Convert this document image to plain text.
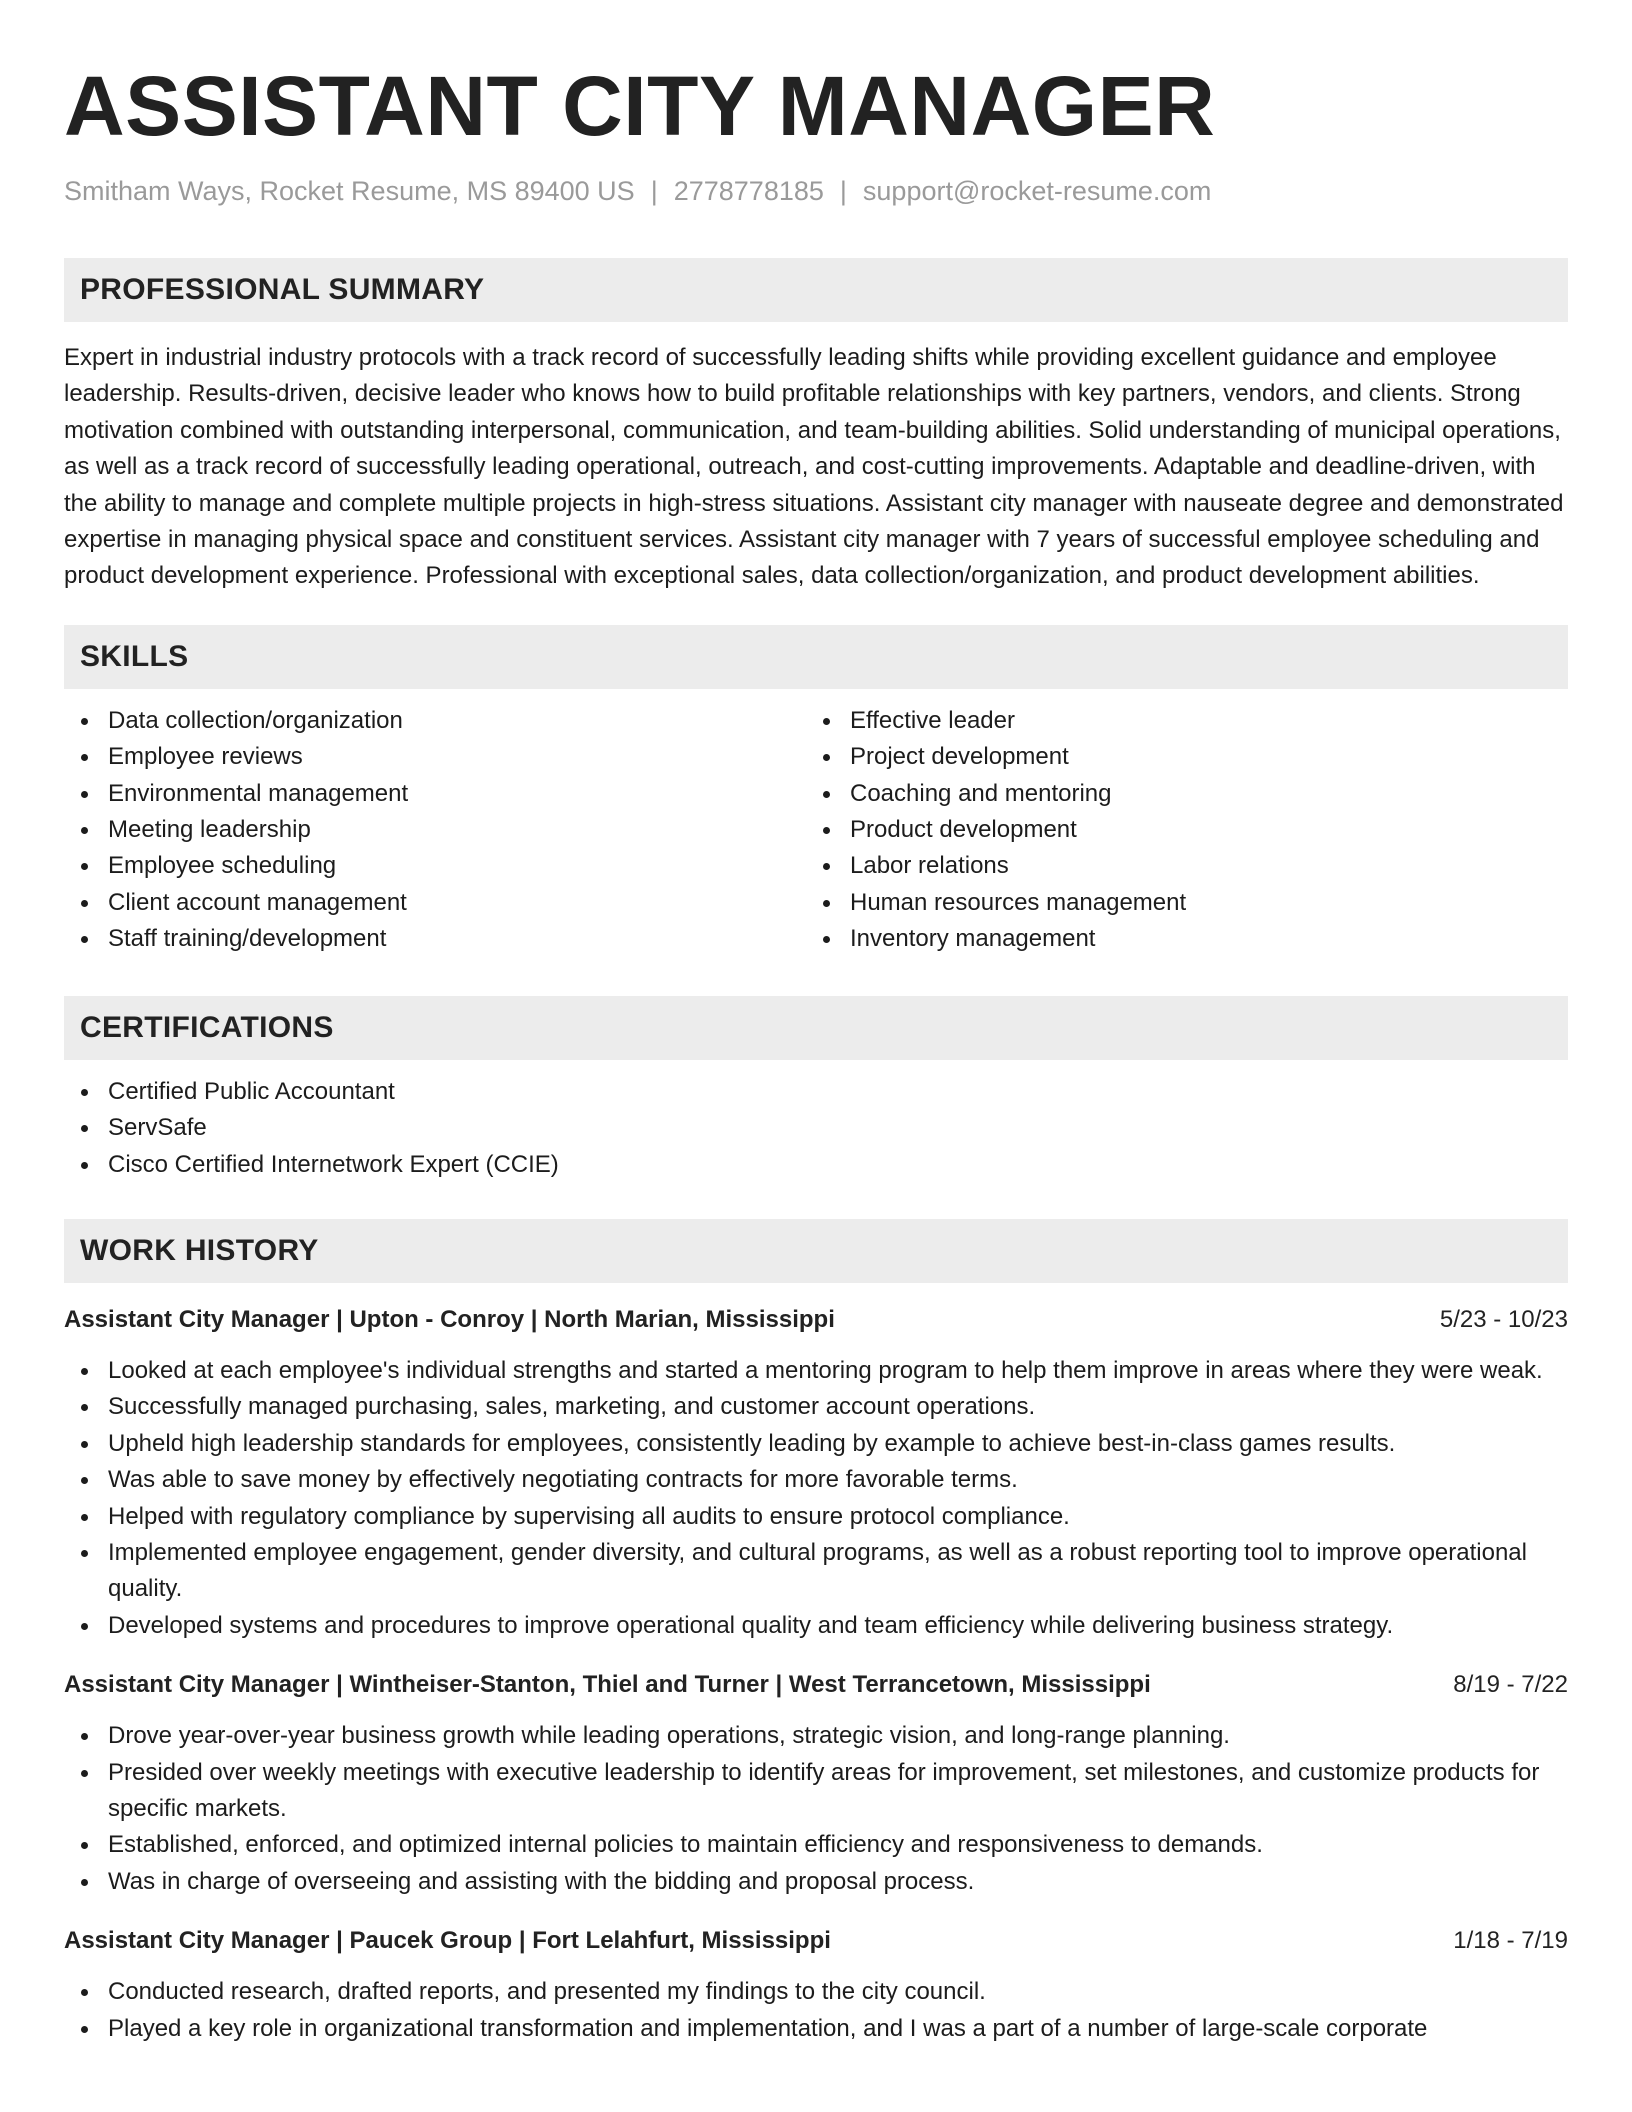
ASSISTANT CITY MANAGER
Smitham Ways, Rocket Resume, MS 89400 US | 2778778185 | support@rocket-resume.com
PROFESSIONAL SUMMARY

Expert in industrial industry protocols with a track record of successfully leading shifts while providing excellent guidance and employee leadership. Results-driven, decisive leader who knows how to build profitable relationships with key partners, vendors, and clients. Strong motivation combined with outstanding interpersonal, communication, and team-building abilities. Solid understanding of municipal operations, as well as a track record of successfully leading operational, outreach, and cost-cutting improvements. Adaptable and deadline-driven, with the ability to manage and complete multiple projects in high-stress situations. Assistant city manager with nauseate degree and demonstrated expertise in managing physical space and constituent services. Assistant city manager with 7 years of successful employee scheduling and product development experience. Professional with exceptional sales, data collection/organization, and product development abilities.

SKILLS
Data collection/organization
Employee reviews
Environmental management
Meeting leadership
Employee scheduling
Client account management
Staff training/development
Effective leader
Project development
Coaching and mentoring
Product development
Labor relations
Human resources management
Inventory management
CERTIFICATIONS
Certified Public Accountant
ServSafe
Cisco Certified Internetwork Expert (CCIE)
WORK HISTORY
Assistant City Manager | Upton - Conroy | North Marian, Mississippi	5/23 - 10/23
Looked at each employee's individual strengths and started a mentoring program to help them improve in areas where they were weak.
Successfully managed purchasing, sales, marketing, and customer account operations.
Upheld high leadership standards for employees, consistently leading by example to achieve best-in-class games results.
Was able to save money by effectively negotiating contracts for more favorable terms.
Helped with regulatory compliance by supervising all audits to ensure protocol compliance.
Implemented employee engagement, gender diversity, and cultural programs, as well as a robust reporting tool to improve operational quality.
Developed systems and procedures to improve operational quality and team efficiency while delivering business strategy.
Assistant City Manager | Wintheiser-Stanton, Thiel and Turner | West Terrancetown, Mississippi	8/19 - 7/22
Drove year-over-year business growth while leading operations, strategic vision, and long-range planning.
Presided over weekly meetings with executive leadership to identify areas for improvement, set milestones, and customize products for specific markets.
Established, enforced, and optimized internal policies to maintain efficiency and responsiveness to demands.
Was in charge of overseeing and assisting with the bidding and proposal process.
Assistant City Manager | Paucek Group | Fort Lelahfurt, Mississippi	1/18 - 7/19
Conducted research, drafted reports, and presented my findings to the city council.
Played a key role in organizational transformation and implementation, and I was a part of a number of large-scale corporate
